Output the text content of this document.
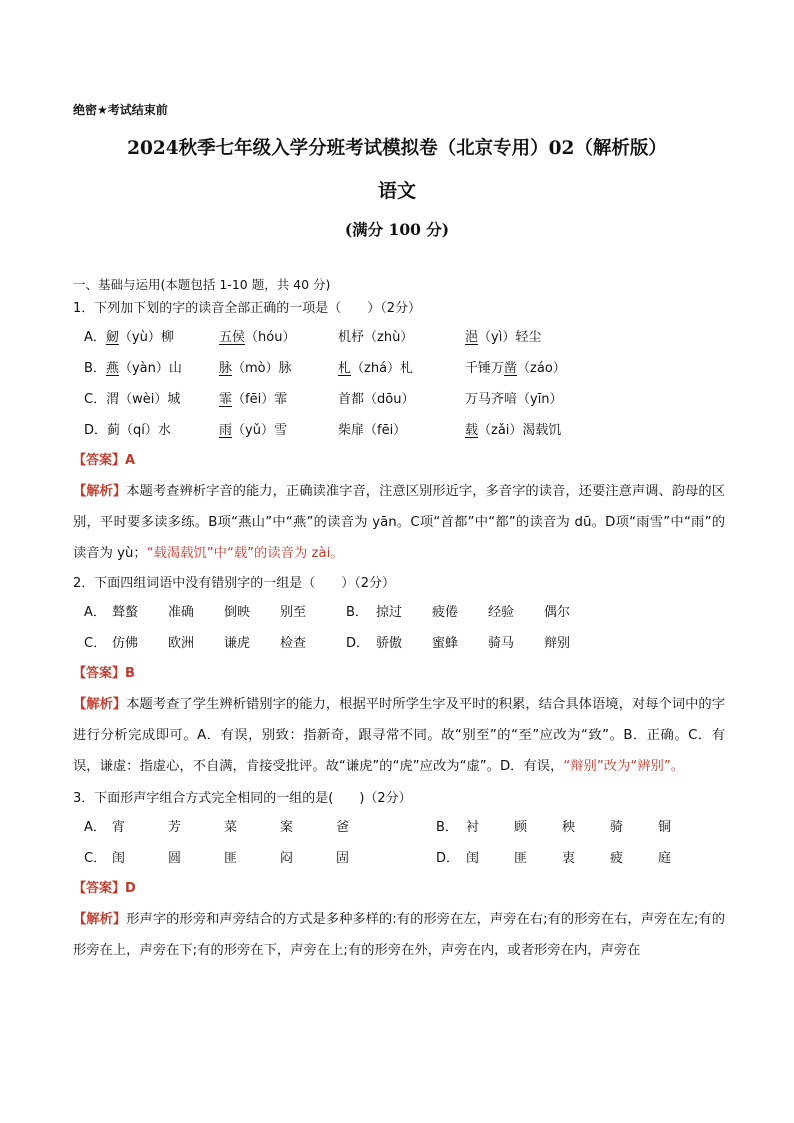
绝密★考试结束前
2024秋季七年级入学分班考试模拟卷（北京专用）02（解析版）
语文
(满分 100 分)
一、基础与运用(本题包括 1-10 题，共 40 分)
1．下列加下划的字的读音全部正确的一项是（　　）（2分）
A．劒（yù）柳	五侯（hóu）	机杼（zhù）	浥（yì）轻尘
B．燕（yàn）山	脉（mò）脉	札（zhá）札	千锤万凿（záo）
C．渭（wèi）城	霏（fēi）霏	首都（dōu）	万马齐喑（yīn）
D．蓟（qí）水	雨（yǔ）雪	柴扉（fēi）	载（zǎi）渴载饥
【答案】A
【解析】本题考查辨析字音的能力，正确读准字音，注意区别形近字，多音字的读音，还要注意声调、韵母的区别，平时要多读多练。B项“燕山”中“燕”的读音为 yān。C项“首都”中“都”的读音为 dū。D项“雨雪”中“雨”的读音为 yù；“载渴载饥”中“载”的读音为 zài。
2．下面四组词语中没有错别字的一组是（　　）（2分）
A． 聱螯	准确	倒映	别至	B． 掠过	疲倦	经验	偶尔
C． 仿佛	欧洲	谦虎	检查	D． 骄傲	蜜蜂	骑马	辩别
【答案】B
【解析】本题考查了学生辨析错别字的能力，根据平时所学生字及平时的积累，结合具体语境，对每个词中的字进行分析完成即可。A．有误，别致：指新奇，跟寻常不同。故“别至”的“至”应改为“致”。B．正确。C．有误，谦虚：指虚心，不自满，肯接受批评。故“谦虎”的“虎”应改为“虚”。D．有误，“辩别”改为“辨别”。
3．下面形声字组合方式完全相同的一组的是(　　)（2分）
A． 宵	芳	菜	案	爸	B． 衬	顾	秧	骑	铜
C． 闺	圆	匪	闷	固	D． 闺	匪	衷	疲	庭
【答案】D
【解析】形声字的形旁和声旁结合的方式是多种多样的:有的形旁在左，声旁在右;有的形旁在右，声旁在左;有的形旁在上，声旁在下;有的形旁在下，声旁在上;有的形旁在外，声旁在内，或者形旁在内，声旁在
